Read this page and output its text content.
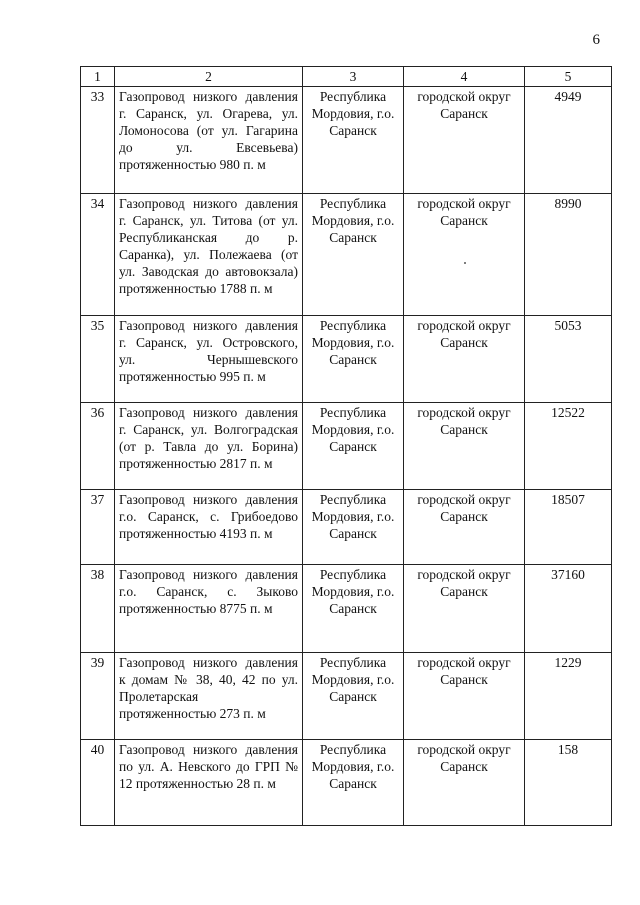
6
1	2	3	4	5
33	Газопровод низкого давления г. Саранск, ул. Огарева, ул. Ломоносова (от ул. Гагарина до ул. Евсевьева) протяженностью 980 п. м	Республика Мордовия, г.о. Саранск	городской округ Саранск	4949
34	Газопровод низкого давления г. Саранск, ул. Титова (от ул. Республиканская до р. Саранка), ул. Полежаева (от ул. Заводская до автовокзала) протяженностью 1788 п. м	Республика Мордовия, г.о. Саранск	городской округ Саранск	8990
35	Газопровод низкого давления г. Саранск, ул. Островского, ул. Чернышевского протяженностью 995 п. м	Республика Мордовия, г.о. Саранск	городской округ Саранск	5053
36	Газопровод низкого давления г. Саранск, ул. Волгоградская (от р. Тавла до ул. Борина) протяженностью 2817 п. м	Республика Мордовия, г.о. Саранск	городской округ Саранск	12522
37	Газопровод низкого давления г.о. Саранск, с. Грибоедово протяженностью 4193 п. м	Республика Мордовия, г.о. Саранск	городской округ Саранск	18507
38	Газопровод низкого давления г.о. Саранск, с. Зыково протяженностью 8775 п. м	Республика Мордовия, г.о. Саранск	городской округ Саранск	37160
39	Газопровод низкого давления к домам № 38, 40, 42 по ул. Пролетарская протяженностью 273 п. м	Республика Мордовия, г.о. Саранск	городской округ Саранск	1229
40	Газопровод низкого давления по ул. А. Невского до ГРП № 12 протяженностью 28 п. м	Республика Мордовия, г.о. Саранск	городской округ Саранск	158
